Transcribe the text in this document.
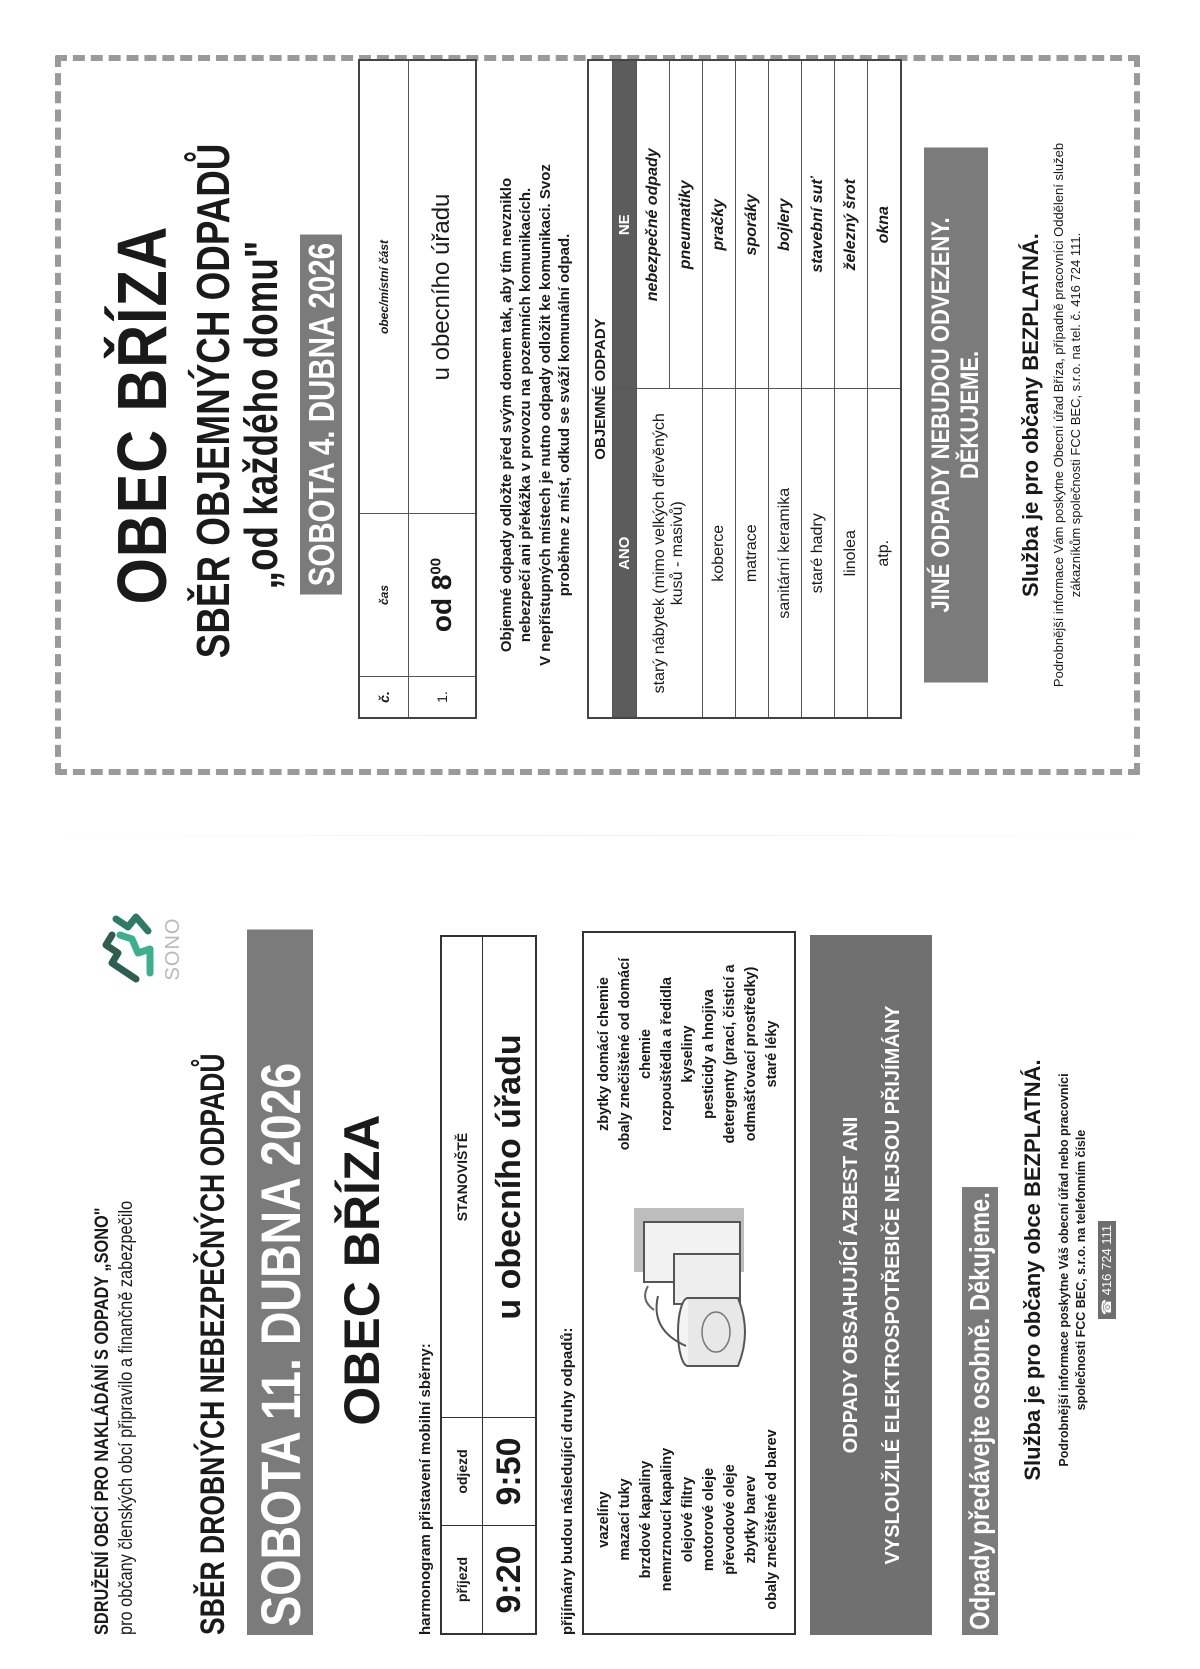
OBEC BŘÍZA SBĚR OBJEMNÝCH ODPADŮ
„od každého domu" SOBOTA 4. DUBNA 2026
č.	čas	obec/místní část
1.	od $8^{00}$	u obecního úřadu	Objemné odpady odložte před svým domem tak, aby tím nevzniklo nebezpečí ani překážka v provozu na pozemních komunikacích. V nepřístupných místech je nutno odpady odložit ke komunikaci. Svoz proběhne z míst, odkud se sváží komunální odpad. OBJEMNÉ ODPADY	
ANO	NE
starý nábytek (mimo velkých dřevěných kusů - masivů)	nebezpečné odpady
	pneumatiky
koberce	pračky
matrace	sporáky
sanitární keramika	bojlery
staré hadry	stavební suť
linolea	železný šrot
atp.	okna JINÉ ODPADY NEBUDOU ODVEZENY. DĚKUJEME. Služba je pro občany BEZPLATNÁ. Podrobnější informace Vám poskytne Obecní úřad Bříza, případně pracovníci Oddělení služeb zákazníkům společnosti FCC BEC, s.r.o. na tel. č. 416 724 111.

SDRUŽENÍ OBCÍ PRO NAKLÁDÁNÍ S ODPADY „SONO" pro občany členských obcí připravilo a finančně zabezpečilo

SONO
SBĚR DROBNÝCH NEBEZPEČNÝCH ODPADŮ SOBOTA 11. DUBNA 2026 OBEC BŘÍZA

harmonogram přistavení mobilní sběrny: příjezd	odjezd	STANOVIŠTĚ
9:20	9:50	u obecního úřadu

přijímány budou následující druhy odpadů: vazelíny mazací tuky brzdové kapaliny nemrznoucí kapaliny olejové filtry motorové oleje převodové oleje zbytky barev obaly znečištěné od barev
zbytky domácí chemie obaly znečištěné od domácí chemie rozpouštědla a ředidla kyseliny pesticidy a hnojiva detergenty (prací, čisticí a odmašťovací prostředky) staré léky
ODPADY OBSAHUJÍCÍ AZBEST ANI	VYSLOUŽILÉ ELEKTROSPOTŘEBIČE NEJSOU PŘIJÍMÁNY	Odpady předávejte osobně. Děkujeme. Služba je pro občany obce BEZPLATNÁ. Podrobnější informace poskytne Váš obecní úřad nebo pracovníci společnosti FCC BEC, s.r.o. na telefonním čísle ☎ 416 724 111
